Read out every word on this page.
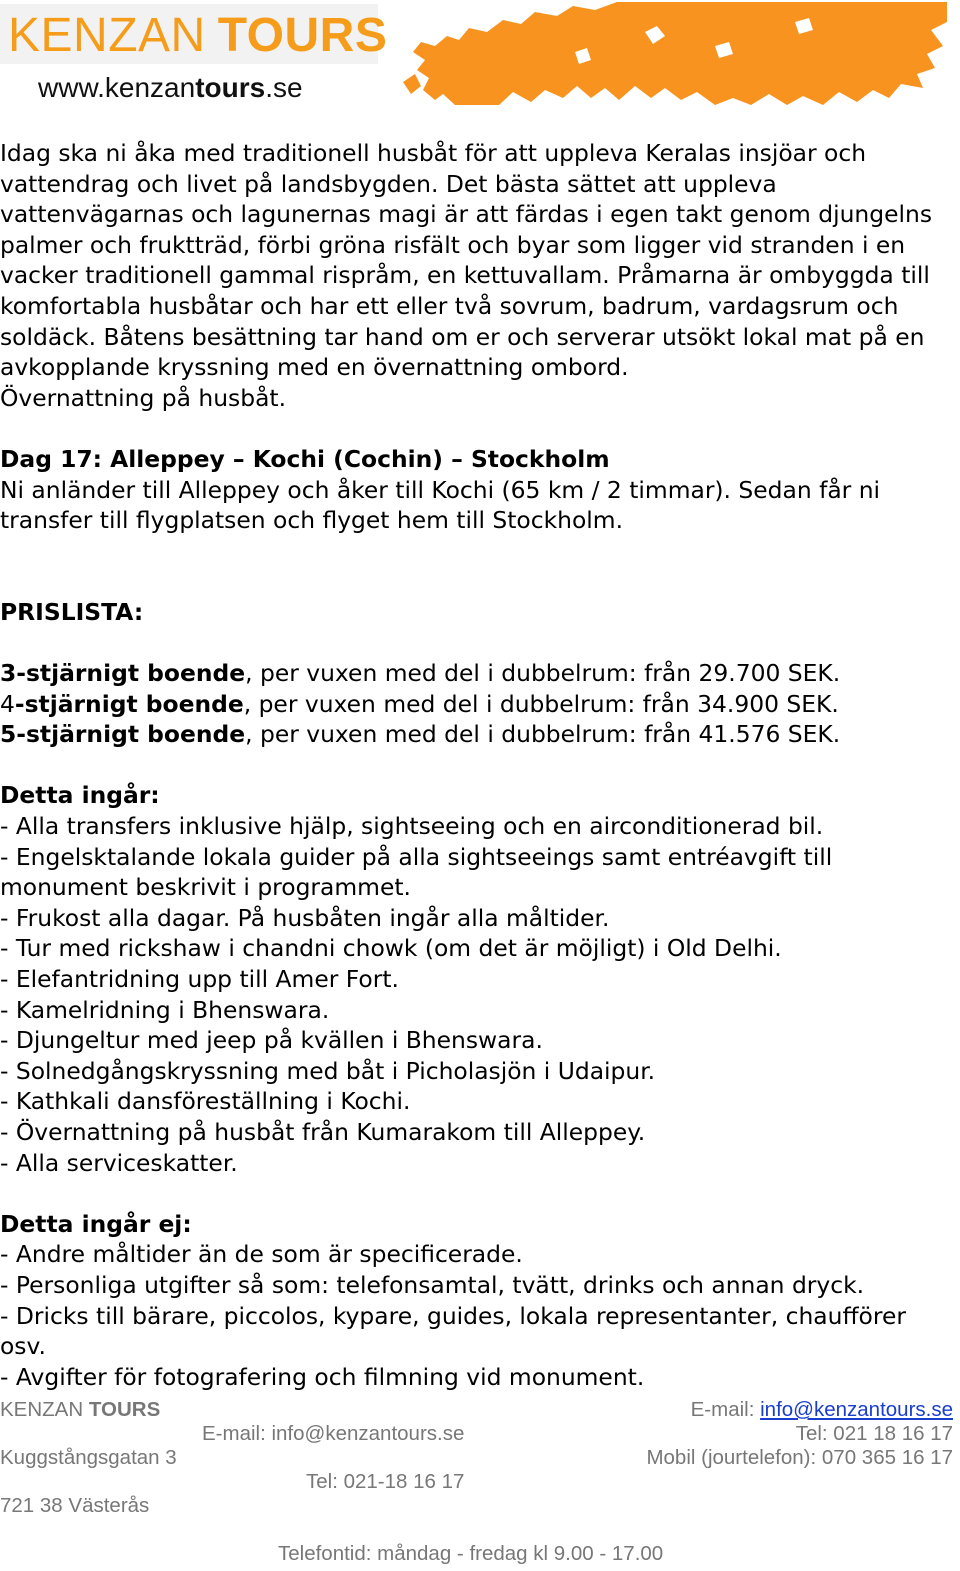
KENZAN TOURS
www.kenzantours.se

Idag ska ni åka med traditionell husbåt för att uppleva Keralas insjöar och vattendrag och livet på landsbygden. Det bästa sättet att uppleva vattenvägarnas och lagunernas magi är att färdas i egen takt genom djungelns palmer och fruktträd, förbi gröna risfält och byar som ligger vid stranden i en vacker traditionell gammal rispråm, en kettuvallam. Pråmarna är ombyggda till komfortabla husbåtar och har ett eller två sovrum, badrum, vardagsrum och soldäck. Båtens besättning tar hand om er och serverar utsökt lokal mat på en avkopplande kryssning med en övernattning ombord.

Övernattning på husbåt.

Dag 17: Alleppey – Kochi (Cochin) – Stockholm

Ni anländer till Alleppey och åker till Kochi (65 km / 2 timmar). Sedan får ni transfer till flygplatsen och flyget hem till Stockholm.

PRISLISTA:

3-stjärnigt boende, per vuxen med del i dubbelrum: från 29.700 SEK.

4-stjärnigt boende, per vuxen med del i dubbelrum: från 34.900 SEK.

5-stjärnigt boende, per vuxen med del i dubbelrum: från 41.576 SEK.

Detta ingår:

- Alla transfers inklusive hjälp, sightseeing och en airconditionerad bil.

- Engelsktalande lokala guider på alla sightseeings samt entréavgift till monument beskrivit i programmet.

- Frukost alla dagar. På husbåten ingår alla måltider.

- Tur med rickshaw i chandni chowk (om det är möjligt) i Old Delhi.

- Elefantridning upp till Amer Fort.

- Kamelridning i Bhenswara.

- Djungeltur med jeep på kvällen i Bhenswara.

- Solnedgångskryssning med båt i Picholasjön i Udaipur.

- Kathkali dansföreställning i Kochi.

- Övernattning på husbåt från Kumarakom till Alleppey.

- Alla serviceskatter.

Detta ingår ej:

- Andre måltider än de som är specificerade.

- Personliga utgifter så som: telefonsamtal, tvätt, drinks och annan dryck.

- Dricks till bärare, piccolos, kypare, guides, lokala representanter, chaufförer osv.

- Avgifter för fotografering och filmning vid monument.

KENZAN TOURS
E-mail: info@kenzantours.se
Kuggstångsgatan 3
Tel: 021-18 16 17
721 38 Västerås
E-mail: info@kenzantours.se
Tel: 021 18 16 17
Mobil (jourtelefon): 070 365 16 17
Telefontid: måndag - fredag kl 9.00 - 17.00
